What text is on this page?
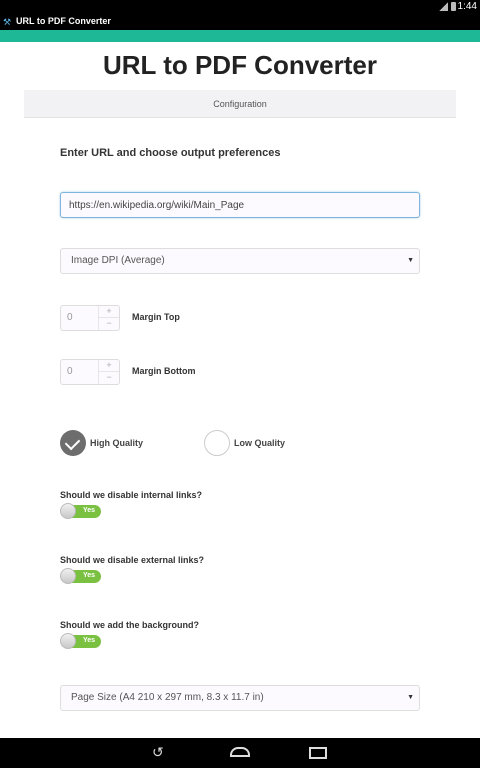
1:44
⚒ URL to PDF Converter
URL to PDF Converter
Configuration
Enter URL and choose output preferences
https://en.wikipedia.org/wiki/Main_Page
Image DPI (Average)	▼
0
+
−
Margin Top
0
+
−
Margin Bottom
High Quality	Low Quality
Should we disable internal links?
Yes
Should we disable external links?
Yes
Should we add the background?
Yes
Page Size (A4 210 x 297 mm, 8.3 x 11.7 in)	▼
↺
